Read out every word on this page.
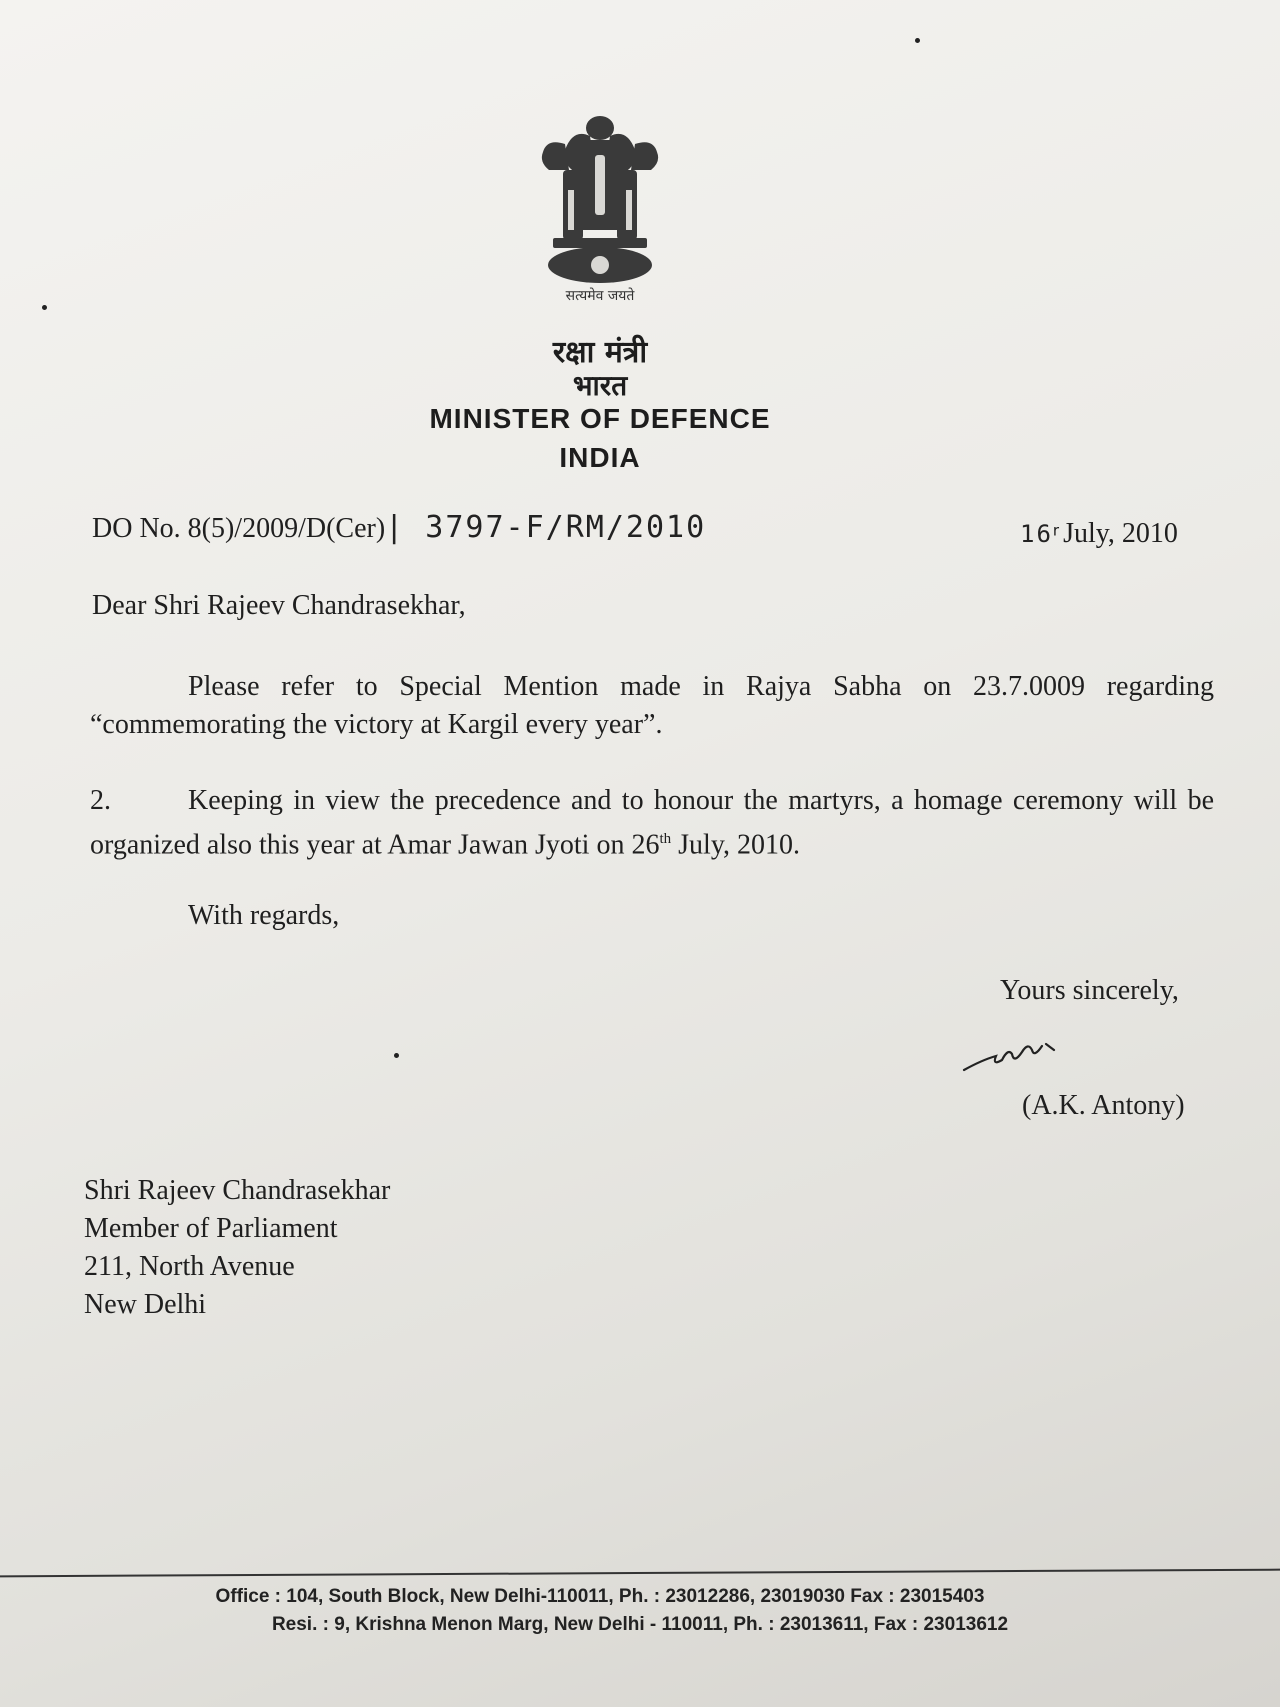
सत्यमेव जयते
रक्षा मंत्री
भारत
MINISTER OF DEFENCE
INDIA
DO No. 8(5)/2009/D(Cer)| 3797-F/RM/2010	16$^r$ July, 2010
Dear Shri Rajeev Chandrasekhar,
Please refer to Special Mention made in Rajya Sabha on 23.7.0009 regarding “commemorating the victory at Kargil every year”.
2.	Keeping in view the precedence and to honour the martyrs, a homage ceremony will be organized also this year at Amar Jawan Jyoti on 26th July, 2010.
With regards,
Yours sincerely,
(A.K. Antony)
Shri Rajeev Chandrasekhar
Member of Parliament
211, North Avenue
New Delhi
Office : 104, South Block, New Delhi-110011, Ph. : 23012286, 23019030 Fax : 23015403
Resi. : 9, Krishna Menon Marg, New Delhi - 110011, Ph. : 23013611, Fax : 23013612
